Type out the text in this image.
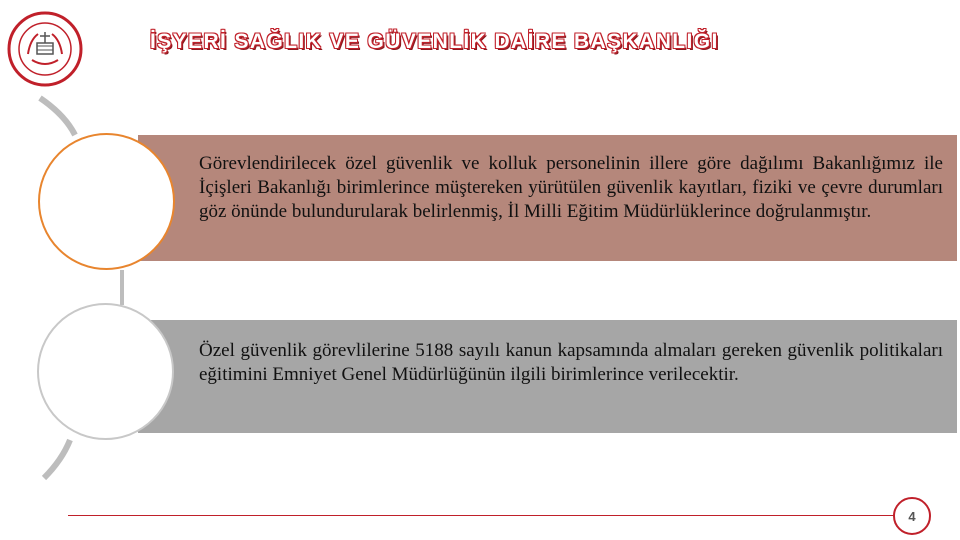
İŞYERİ SAĞLIK VE GÜVENLİK DAİRE BAŞKANLIĞI
Görevlendirilecek özel güvenlik ve kolluk personelinin illere göre dağılımı Bakanlığımız ile İçişleri Bakanlığı birimlerince müştereken yürütülen güvenlik kayıtları, fiziki ve çevre durumları göz önünde bulundurularak belirlenmiş, İl Milli Eğitim Müdürlüklerince doğrulanmıştır.
Özel güvenlik görevlilerine 5188 sayılı kanun kapsamında almaları gereken güvenlik politikaları eğitimini Emniyet Genel Müdürlüğünün ilgili birimlerince verilecektir.
4
